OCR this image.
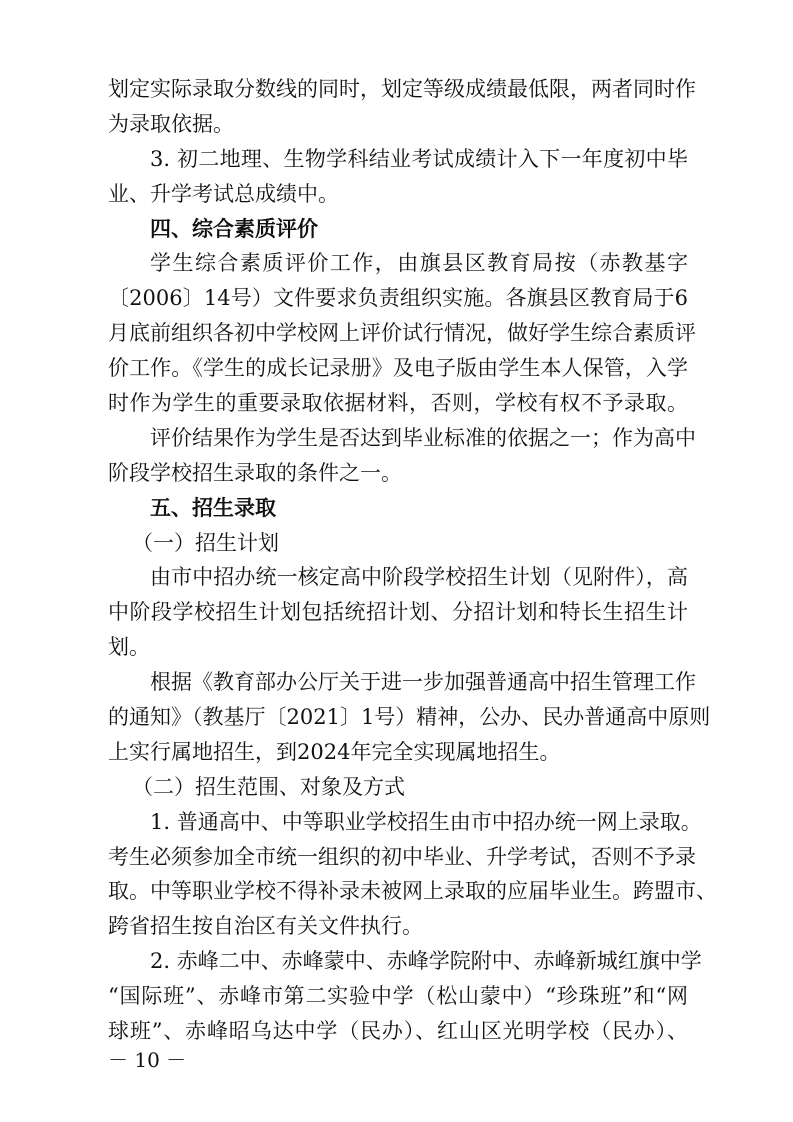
划定实际录取分数线的同时，划定等级成绩最低限，两者同时作
为录取依据。
3. 初二地理、生物学科结业考试成绩计入下一年度初中毕
业、升学考试总成绩中。
四、综合素质评价
学生综合素质评价工作，由旗县区教育局按（赤教基字
〔2006〕14号）文件要求负责组织实施。各旗县区教育局于6
月底前组织各初中学校网上评价试行情况，做好学生综合素质评
价工作。《学生的成长记录册》及电子版由学生本人保管，入学
时作为学生的重要录取依据材料，否则，学校有权不予录取。
评价结果作为学生是否达到毕业标准的依据之一；作为高中
阶段学校招生录取的条件之一。
五、招生录取
（一）招生计划
由市中招办统一核定高中阶段学校招生计划（见附件），高
中阶段学校招生计划包括统招计划、分招计划和特长生招生计
划。
根据《教育部办公厅关于进一步加强普通高中招生管理工作
的通知》（教基厅〔2021〕1号）精神，公办、民办普通高中原则
上实行属地招生，到2024年完全实现属地招生。
（二）招生范围、对象及方式
1. 普通高中、中等职业学校招生由市中招办统一网上录取。
考生必须参加全市统一组织的初中毕业、升学考试，否则不予录
取。中等职业学校不得补录未被网上录取的应届毕业生。跨盟市、
跨省招生按自治区有关文件执行。
2. 赤峰二中、赤峰蒙中、赤峰学院附中、赤峰新城红旗中学
“国际班”、赤峰市第二实验中学（松山蒙中）“珍珠班”和“网
球班”、赤峰昭乌达中学（民办）、红山区光明学校（民办）、
－ 10 －
